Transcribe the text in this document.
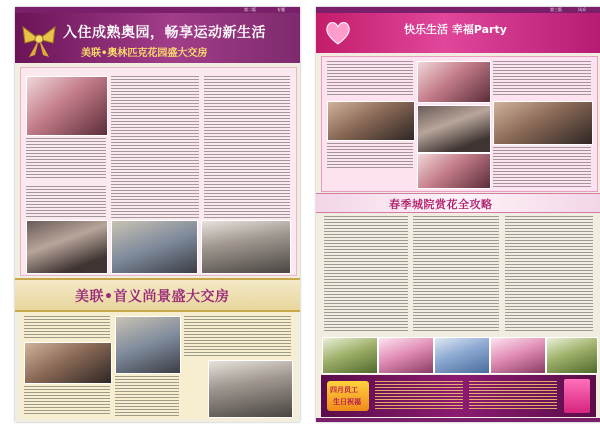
第二版	专题
入住成熟奥园，畅享运动新生活
美联•奥林匹克花园盛大交房
美联•首义尚景盛大交房
第三版	风采
快乐生活 幸福Party
春季城院赏花全攻略
四月员工
生日祝福
